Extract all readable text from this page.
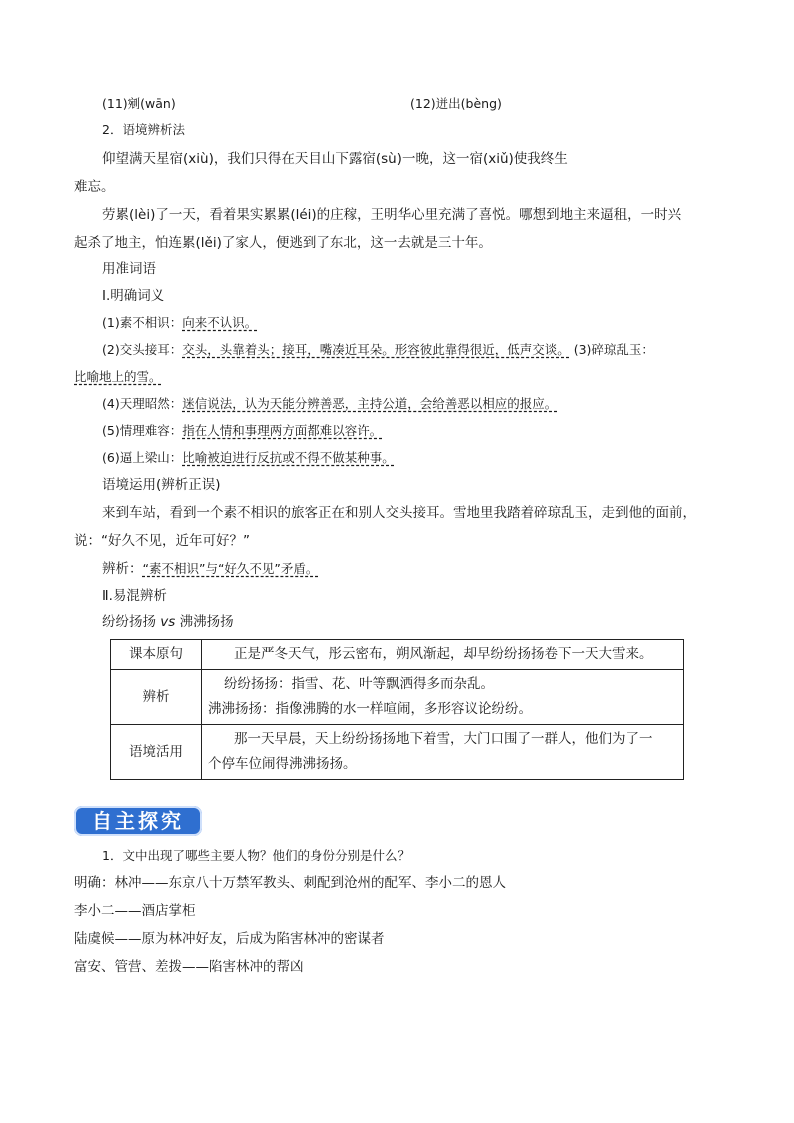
(11)剜(wān)	(12)迸出(bèng)
2．语境辨析法
仰望满天星宿(xiù)，我们只得在天目山下露宿(sù)一晚，这一宿(xiǔ)使我终生
难忘。
劳累(lèi)了一天，看着果实累累(léi)的庄稼，王明华心里充满了喜悦。哪想到地主来逼租，一时兴
起杀了地主，怕连累(lěi)了家人，便逃到了东北，这一去就是三十年。
用准词语
Ⅰ.明确词义
(1)素不相识：向来不认识。
(2)交头接耳：交头，头靠着头；接耳，嘴凑近耳朵。形容彼此靠得很近，低声交谈。 (3)碎琼乱玉：
比喻地上的雪。
(4)天理昭然：迷信说法，认为天能分辨善恶，主持公道，会给善恶以相应的报应。
(5)情理难容：指在人情和事理两方面都难以容许。
(6)逼上梁山：比喻被迫进行反抗或不得不做某种事。
语境运用(辨析正误)
来到车站，看到一个素不相识的旅客正在和别人交头接耳。雪地里我踏着碎琼乱玉，走到他的面前，
说：“好久不见，近年可好？”
辨析：“素不相识”与“好久不见”矛盾。
Ⅱ.易混辨析
纷纷扬扬 vs 沸沸扬扬
课本原句	正是严冬天气，彤云密布，朔风渐起，却早纷纷扬扬卷下一天大雪来。
辨析	纷纷扬扬：指雪、花、叶等飘洒得多而杂乱。
沸沸扬扬：指像沸腾的水一样喧闹，多形容议论纷纷。

语境活用	那一天早晨，天上纷纷扬扬地下着雪，大门口围了一群人，他们为了一
个停车位闹得沸沸扬扬。
自主探究
1．文中出现了哪些主要人物？他们的身份分别是什么？
明确：林冲——东京八十万禁军教头、刺配到沧州的配军、李小二的恩人
李小二——酒店掌柜
陆虞候——原为林冲好友，后成为陷害林冲的密谋者
富安、管营、差拨——陷害林冲的帮凶
